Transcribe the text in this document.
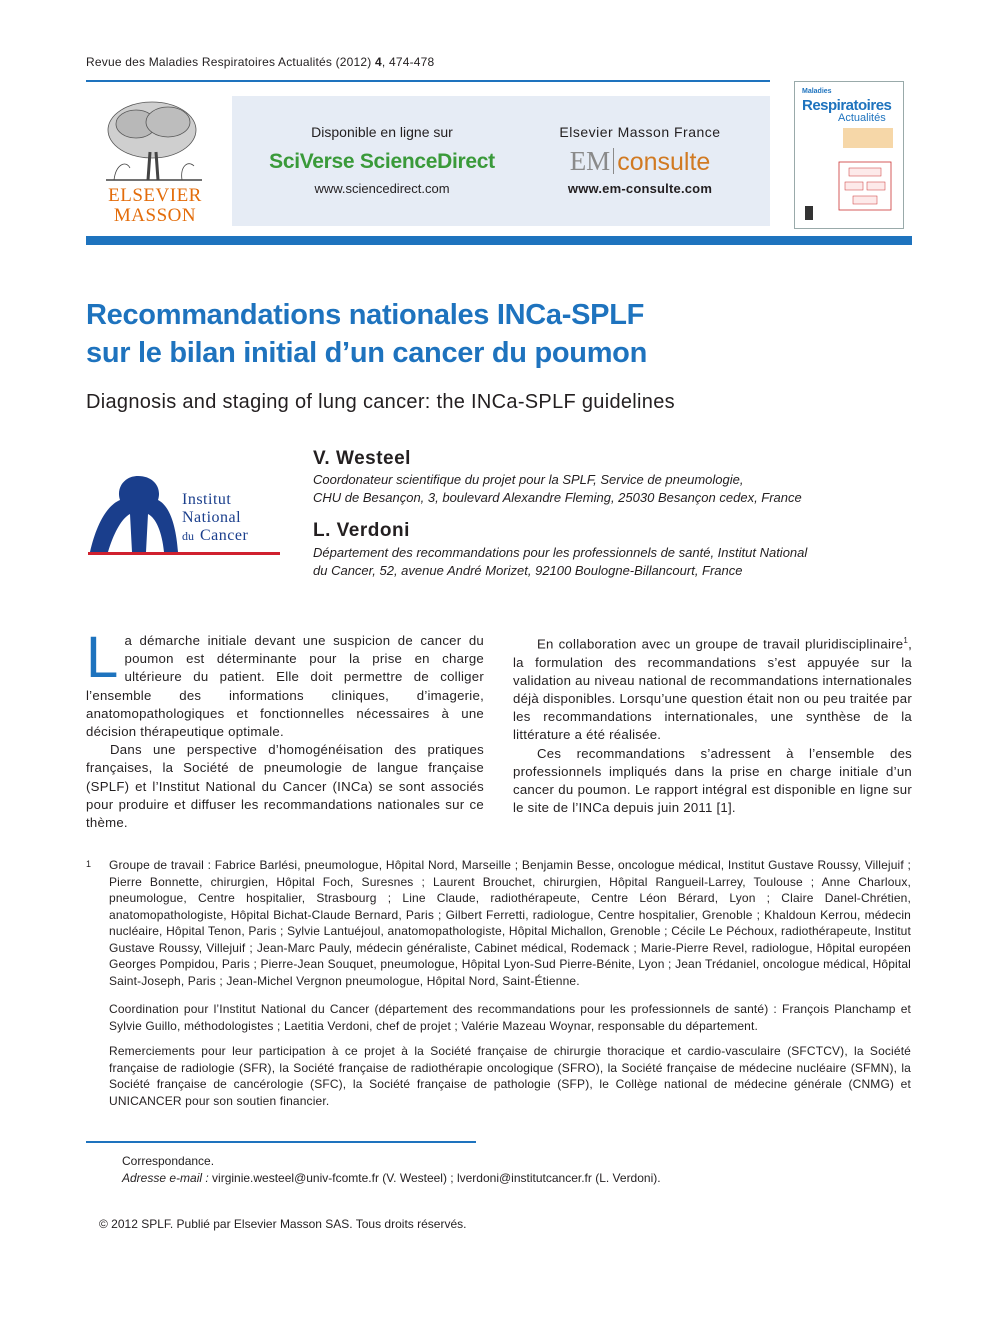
Revue des Maladies Respiratoires Actualités (2012) 4, 474-478
ELSEVIER
MASSON
Disponible en ligne sur
SciVerse ScienceDirect
www.sciencedirect.com
Elsevier Masson France
EM consulte
www.em-consulte.com
Maladies
Respiratoires
Actualités
Recommandations nationales INCa-SPLF
sur le bilan initial d’un cancer du poumon
Diagnosis and staging of lung cancer: the INCa-SPLF guidelines
Institut
National
du Cancer
V. Westeel
Coordonateur scientifique du projet pour la SPLF, Service de pneumologie,
CHU de Besançon, 3, boulevard Alexandre Fleming, 25030 Besançon cedex, France
L. Verdoni
Département des recommandations pour les professionnels de santé, Institut National
du Cancer, 52, avenue André Morizet, 92100 Boulogne-Billancourt, France

La démarche initiale devant une suspicion de cancer du poumon est déterminante pour la prise en charge ultérieure du patient. Elle doit permettre de colliger l’ensemble des informations cliniques, d’imagerie, anatomopathologiques et fonctionnelles nécessaires à une décision thérapeutique optimale.

Dans une perspective d’homogénéisation des pratiques françaises, la Société de pneumologie de langue française (SPLF) et l’Institut National du Cancer (INCa) se sont associés pour produire et diffuser les recommandations nationales sur ce thème.

En collaboration avec un groupe de travail pluridisciplinaire$^1$, la formulation des recommandations s’est appuyée sur la validation au niveau national de recommandations internationales déjà disponibles. Lorsqu’une question était non ou peu traitée par les recommandations internationales, une synthèse de la littérature a été réalisée.

Ces recommandations s’adressent à l’ensemble des professionnels impliqués dans la prise en charge initiale d’un cancer du poumon. Le rapport intégral est disponible en ligne sur le site de l’INCa depuis juin 2011 [1].

1 Groupe de travail : Fabrice Barlési, pneumologue, Hôpital Nord, Marseille ; Benjamin Besse, oncologue médical, Institut Gustave Roussy, Villejuif ; Pierre Bonnette, chirurgien, Hôpital Foch, Suresnes ; Laurent Brouchet, chirurgien, Hôpital Rangueil-Larrey, Toulouse ; Anne Charloux, pneumologue, Centre hospitalier, Strasbourg ; Line Claude, radiothérapeute, Centre Léon Bérard, Lyon ; Claire Danel-Chrétien, anatomopathologiste, Hôpital Bichat-Claude Bernard, Paris ; Gilbert Ferretti, radiologue, Centre hospitalier, Grenoble ; Khaldoun Kerrou, médecin nucléaire, Hôpital Tenon, Paris ; Sylvie Lantuéjoul, anatomopathologiste, Hôpital Michallon, Grenoble ; Cécile Le Péchoux, radiothérapeute, Institut Gustave Roussy, Villejuif ; Jean-Marc Pauly, médecin généraliste, Cabinet médical, Rodemack ; Marie-Pierre Revel, radiologue, Hôpital européen Georges Pompidou, Paris ; Pierre-Jean Souquet, pneumologue, Hôpital Lyon-Sud Pierre-Bénite, Lyon ; Jean Trédaniel, oncologue médical, Hôpital Saint-Joseph, Paris ; Jean-Michel Vergnon pneumologue, Hôpital Nord, Saint-Étienne.

Coordination pour l’Institut National du Cancer (département des recommandations pour les professionnels de santé) : François Planchamp et Sylvie Guillo, méthodologistes ; Laetitia Verdoni, chef de projet ; Valérie Mazeau Woynar, responsable du département.

Remerciements pour leur participation à ce projet à la Société française de chirurgie thoracique et cardio-vasculaire (SFCTCV), la Société française de radiologie (SFR), la Société française de radiothérapie oncologique (SFRO), la Société française de médecine nucléaire (SFMN), la Société française de cancérologie (SFC), la Société française de pathologie (SFP), le Collège national de médecine générale (CNMG) et UNICANCER pour son soutien financier.

Correspondance.
Adresse e-mail : virginie.westeel@univ-fcomte.fr (V. Westeel) ; lverdoni@institutcancer.fr (L. Verdoni).
© 2012 SPLF. Publié par Elsevier Masson SAS. Tous droits réservés.
